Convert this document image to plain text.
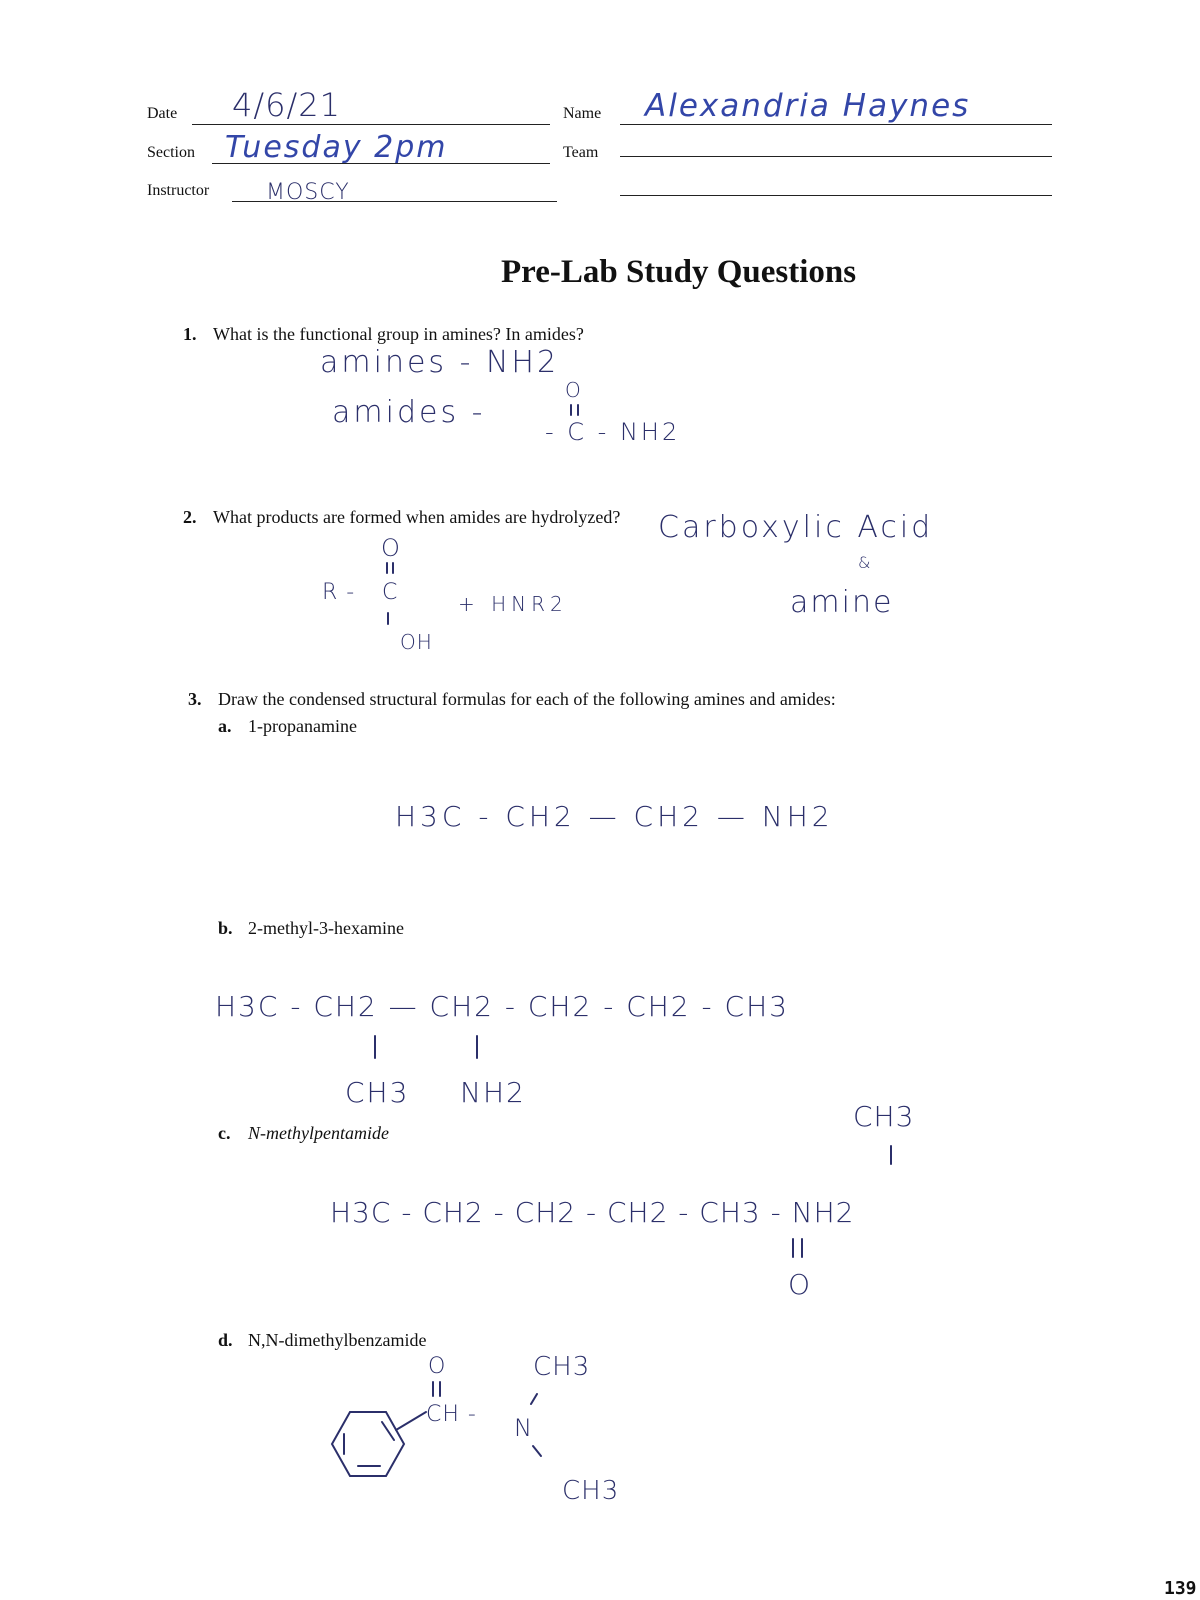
Date 4/6/21
Section Tuesday 2pm
Instructor	MOSCY
Name Alexandria Haynes
Team
Pre-Lab Study Questions
1. What is the functional group in amines? In amides?
amines - NH2
amides -
O
- C - NH2
2. What products are formed when amides are hydrolyzed?
O
R - C
OH
+ HNR2
Carboxylic Acid
&
amine
3. Draw the condensed structural formulas for each of the following amines and amides:
a. 1-propanamine
H3C - CH2 — CH2 — NH2
b. 2-methyl-3-hexamine
H3C - CH2 — CH2 - CH2 - CH2 - CH3
CH3 NH2
c. N-methylpentamide	CH3
H3C - CH2 - CH2 - CH2 - CH3 - NH2
O
d. N,N-dimethylbenzamide
O
CH -
CH3
N
CH3
139
